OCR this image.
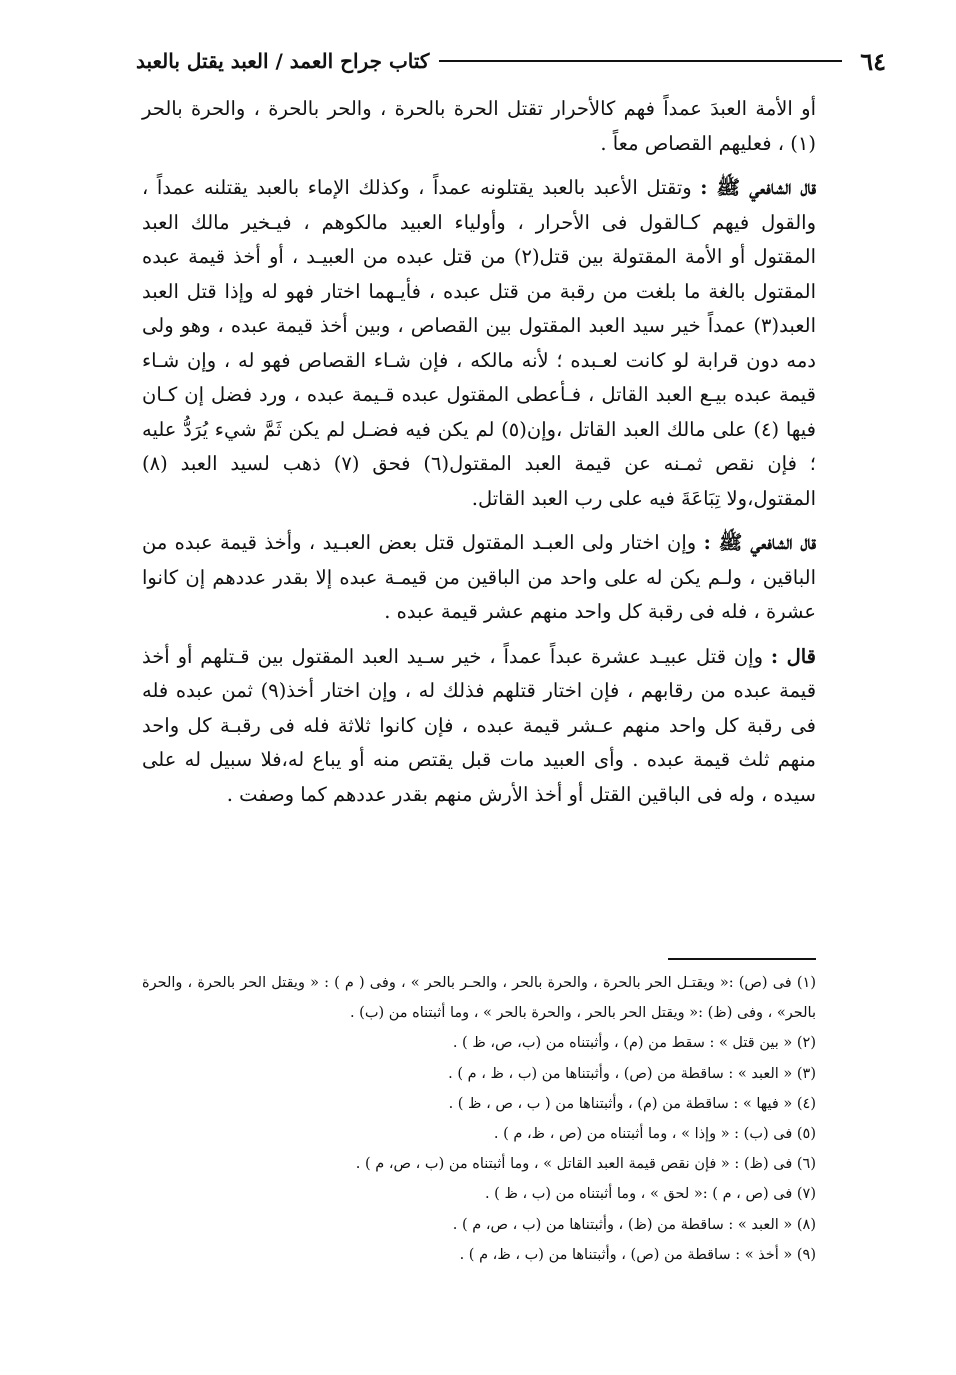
٦٤
كتاب جراح العمد / العبد يقتل بالعبد

أو الأمة العبدَ عمداً فهم كالأحرار تقتل الحرة بالحرة ، والحر بالحرة ، والحرة بالحر (١) ، فعليهم القصاص معاً .

قال الشافعي ﷺ : وتقتل الأعبد بالعبد يقتلونه عمداً ، وكذلك الإماء بالعبد يقتلنه عمداً ، والقول فيهم كـالقول فى الأحرار ، وأولياء العبيد مالكوهم ، فيـخير مالك العبد المقتول أو الأمة المقتولة بين قتل(٢) من قتل عبده من العبيـد ، أو أخذ قيمة عبده المقتول بالغة ما بلغت من رقبة من قتل عبده ، فأيـهما اختار فهو له وإذا قتل العبد العبد(٣) عمداً خير سيد العبد المقتول بين القصاص ، وبين أخذ قيمة عبده ، وهو ولى دمه دون قرابة لو كانت لعـبده ؛ لأنه مالكه ، فإن شـاء القصاص فهو له ، وإن شـاء قيمة عبده بيـع العبد القاتل ، فـأعطى المقتول عبده قـيمة عبده ، ورد فضل إن كـان فيها (٤) على مالك العبد القاتل ،وإن(٥) لم يكن فيه فضـل لم يكن ثَمَّ شيء يُرَدُّ عليه ؛ فإن نقص ثمـنه عن قيمة العبد المقتول(٦) فحق (٧) ذهب لسيد العبد (٨) المقتول،ولا تِبَاعَةَ فيه على رب العبد القاتل.

قال الشافعي ﷺ : وإن اختار ولى العبـد المقتول قتل بعض العبـيد ، وأخذ قيمة عبده من الباقين ، ولـم يكن له على واحد من الباقين من قيمـة عبده إلا بقدر عددهم إن كانوا عشرة ، فله فى رقبة كل واحد منهم عشر قيمة عبده .

قال : وإن قتل عبيـد عشرة عبداً عمداً ، خير سـيد العبد المقتول بين قـتلهم أو أخذ قيمة عبده من رقابهم ، فإن اختار قتلهم فذلك له ، وإن اختار أخذ(٩) ثمن عبده فله فى رقبة كل واحد منهم عـشر قيمة عبده ، فإن كانوا ثلاثة فله فى رقبـة كل واحد منهم ثلث قيمة عبده . وأى العبيد مات قبل يقتص منه أو يباع له،فلا سبيل له على سيده ، وله فى الباقين القتل أو أخذ الأرش منهم بقدر عددهم كما وصفت .

(١) فى (ص) :« ويقتـل الحر بالحرة ، والحرة بالحر ، والحـر بالحر » ، وفى ( م ) : « ويقتل الحر بالحرة ، والحرة بالحر» ، وفى (ظ) :« ويقتل الحر بالحر ، والحرة بالحر » ، وما أثبتناه من (ب) .

(٢) « بين قتل » : سقط من (م) ، وأثبتناه من (ب، ص، ظ ) .

(٣) « العبد » : ساقطة من (ص) ، وأثبتناها من (ب ، ظ ، م ) .

(٤) « فيها » : ساقطة من (م) ، وأثبتناها من ( ب ، ص ، ظ ) .

(٥) فى (ب) : « وإذا » ، وما أثبتناه من (ص ، ظ، م ) .

(٦) فى (ظ) : « فإن نقص قيمة العبد القاتل » ، وما أثبتناه من (ب ، ص، م ) .

(٧) فى (ص ، م ) :« لحق » ، وما أثبتناه من (ب ، ظ ) .

(٨) « العبد » : ساقطة من (ظ) ، وأثبتناها من (ب ، ص، م ) .

(٩) « أخذ » : ساقطة من (ص) ، وأثبتناها من (ب ، ظ، م ) .
